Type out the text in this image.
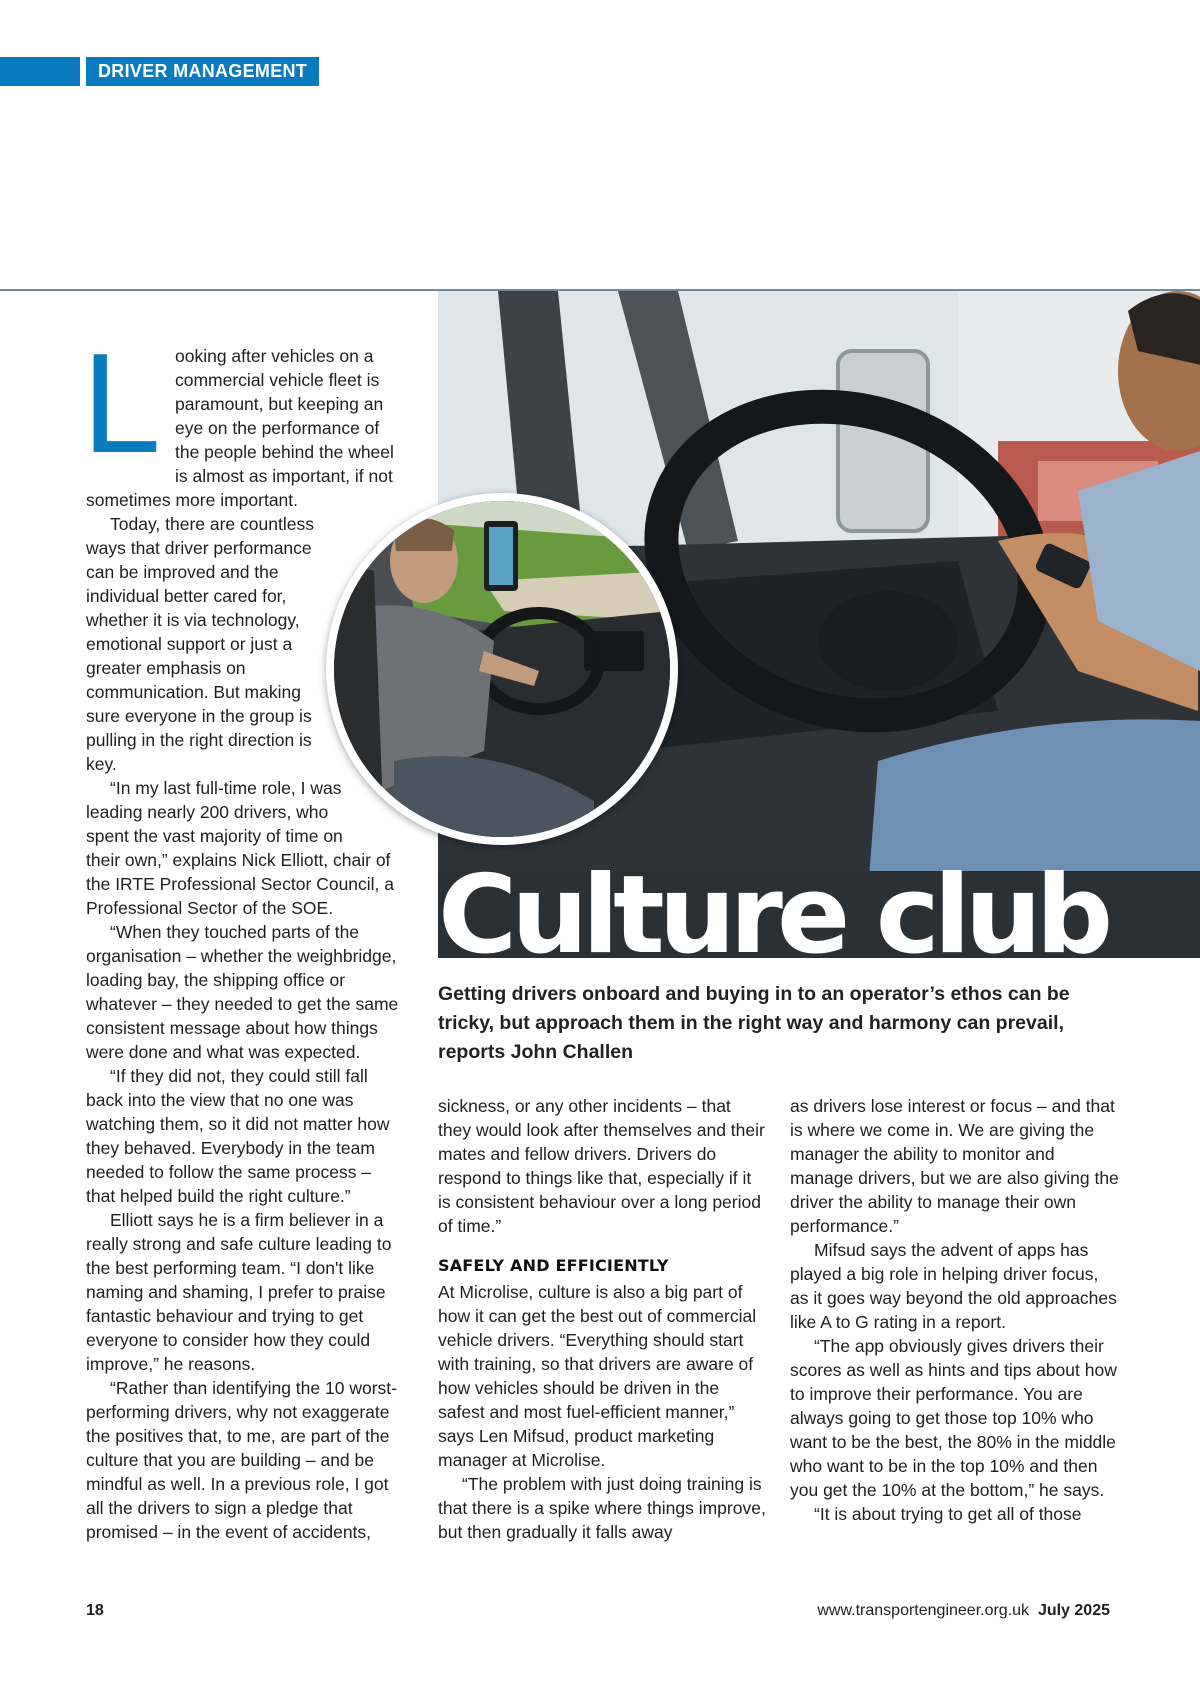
DRIVER MANAGEMENT
Culture club
L ooking after vehicles on a commercial vehicle fleet is paramount, but keeping an eye on the performance of the people behind the wheel is almost as important, if not sometimes more important.

Today, there are countless ways that driver performance can be improved and the individual better cared for, whether it is via technology, emotional support or just a greater emphasis on communication. But making sure everyone in the group is pulling in the right direction is key.

“In my last full-time role, I was leading nearly 200 drivers, who spent the vast majority of time on

their own,” explains Nick Elliott, chair of the IRTE Professional Sector Council, a Professional Sector of the SOE.

“When they touched parts of the organisation – whether the weighbridge, loading bay, the shipping office or whatever – they needed to get the same consistent message about how things were done and what was expected.

“If they did not, they could still fall back into the view that no one was watching them, so it did not matter how they behaved. Everybody in the team needed to follow the same process – that helped build the right culture.”

Elliott says he is a firm believer in a really strong and safe culture leading to the best performing team. “I don't like naming and shaming, I prefer to praise fantastic behaviour and trying to get everyone to consider how they could improve,” he reasons.

“Rather than identifying the 10 worst-performing drivers, why not exaggerate the positives that, to me, are part of the culture that you are building – and be mindful as well. In a previous role, I got all the drivers to sign a pledge that promised – in the event of accidents,

Getting drivers onboard and buying in to an operator’s ethos can be tricky, but approach them in the right way and harmony can prevail, reports John Challen

sickness, or any other incidents – that they would look after themselves and their mates and fellow drivers. Drivers do respond to things like that, especially if it is consistent behaviour over a long period of time.”

SAFELY AND EFFICIENTLY

At Microlise, culture is also a big part of how it can get the best out of commercial vehicle drivers. “Everything should start with training, so that drivers are aware of how vehicles should be driven in the safest and most fuel-efficient manner,” says Len Mifsud, product marketing manager at Microlise.

“The problem with just doing training is that there is a spike where things improve, but then gradually it falls away

as drivers lose interest or focus – and that is where we come in. We are giving the manager the ability to monitor and manage drivers, but we are also giving the driver the ability to manage their own performance.”

Mifsud says the advent of apps has played a big role in helping driver focus, as it goes way beyond the old approaches like A to G rating in a report.

“The app obviously gives drivers their scores as well as hints and tips about how to improve their performance. You are always going to get those top 10% who want to be the best, the 80% in the middle who want to be in the top 10% and then you get the 10% at the bottom,” he says.

“It is about trying to get all of those

18	www.transportengineer.org.uk July 2025
